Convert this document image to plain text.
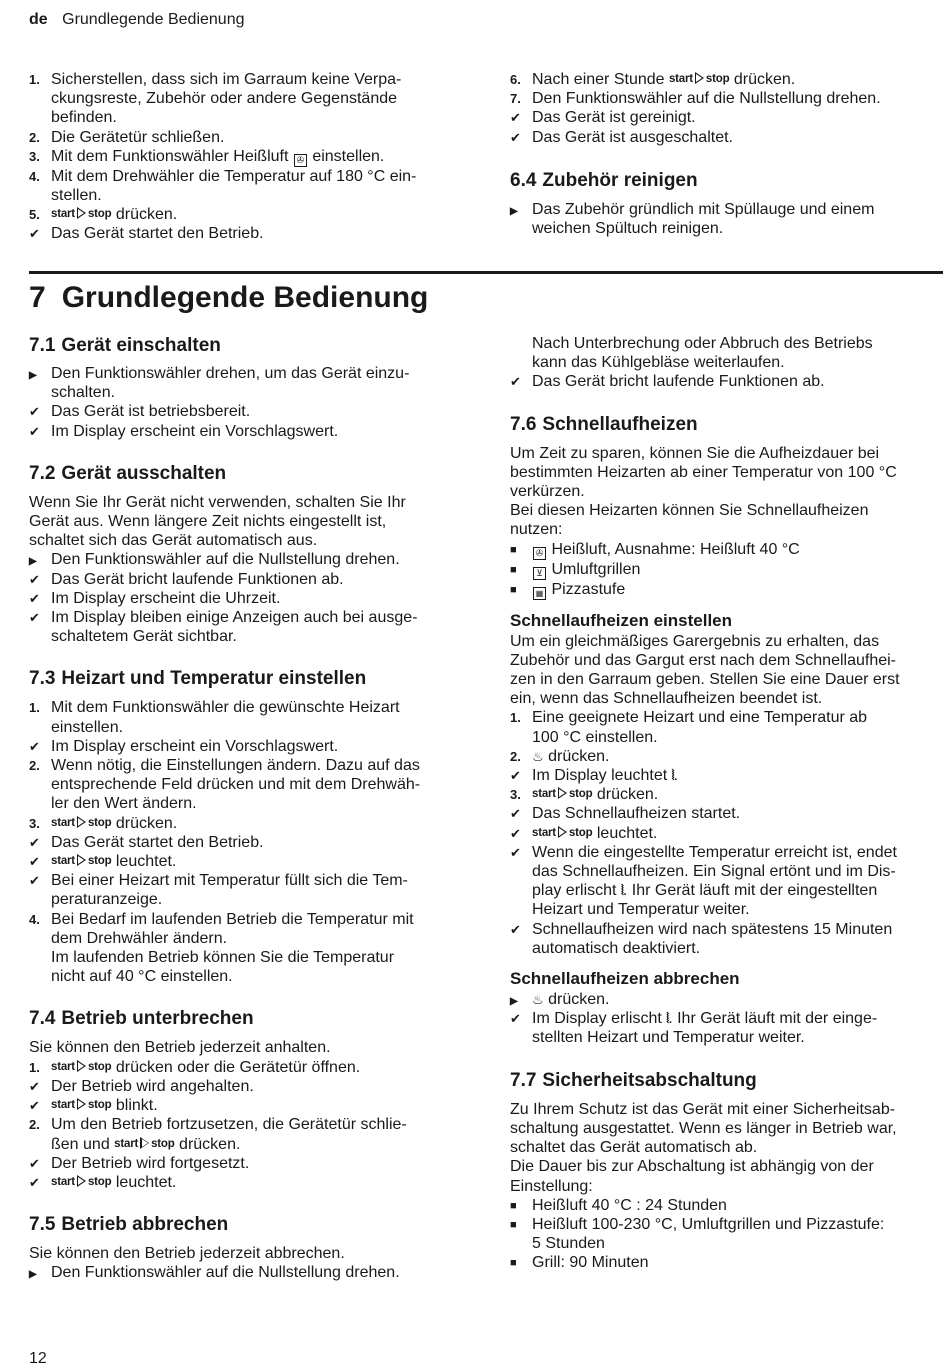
de Grundlegende Bedienung
1. Sicherstellen, dass sich im Garraum keine Verpa-
ckungsreste, Zubehör oder andere Gegenstände
befinden.
2. Die Gerätetür schließen.
3. Mit dem Funktionswähler Heißluft ✇ einstellen.
4. Mit dem Drehwähler die Temperatur auf 180 °C ein-
stellen.
5. start stop drücken.
✔ Das Gerät startet den Betrieb.
6. Nach einer Stunde start stop drücken.
7. Den Funktionswähler auf die Nullstellung drehen.
✔ Das Gerät ist gereinigt.
✔ Das Gerät ist ausgeschaltet.
6.4 Zubehör reinigen
▶ Das Zubehör gründlich mit Spüllauge und einem
weichen Spültuch reinigen.
7 Grundlegende Bedienung
7.1 Gerät einschalten
▶ Den Funktionswähler drehen, um das Gerät einzu-
schalten.
✔ Das Gerät ist betriebsbereit.
✔ Im Display erscheint ein Vorschlagswert.
7.2 Gerät ausschalten
Wenn Sie Ihr Gerät nicht verwenden, schalten Sie Ihr
Gerät aus. Wenn längere Zeit nichts eingestellt ist,
schaltet sich das Gerät automatisch aus.
▶ Den Funktionswähler auf die Nullstellung drehen.
✔ Das Gerät bricht laufende Funktionen ab.
✔ Im Display erscheint die Uhrzeit.
✔ Im Display bleiben einige Anzeigen auch bei ausge-
schaltetem Gerät sichtbar.
7.3 Heizart und Temperatur einstellen
1. Mit dem Funktionswähler die gewünschte Heizart
einstellen.
✔ Im Display erscheint ein Vorschlagswert.
2. Wenn nötig, die Einstellungen ändern. Dazu auf das
entsprechende Feld drücken und mit dem Drehwäh-
ler den Wert ändern.
3. start stop drücken.
✔ Das Gerät startet den Betrieb.
✔ start stop leuchtet.
✔ Bei einer Heizart mit Temperatur füllt sich die Tem-
peraturanzeige.
4. Bei Bedarf im laufenden Betrieb die Temperatur mit
dem Drehwähler ändern.
Im laufenden Betrieb können Sie die Temperatur
nicht auf 40 °C einstellen.
7.4 Betrieb unterbrechen
Sie können den Betrieb jederzeit anhalten.
1. start stop drücken oder die Gerätetür öffnen.
✔ Der Betrieb wird angehalten.
✔ start stop blinkt.
2. Um den Betrieb fortzusetzen, die Gerätetür schlie-
ßen und start stop drücken.
✔ Der Betrieb wird fortgesetzt.
✔ start stop leuchtet.
7.5 Betrieb abbrechen
Sie können den Betrieb jederzeit abbrechen.
▶ Den Funktionswähler auf die Nullstellung drehen.
Nach Unterbrechung oder Abbruch des Betriebs
kann das Kühlgebläse weiterlaufen.
✔ Das Gerät bricht laufende Funktionen ab.
7.6 Schnellaufheizen
Um Zeit zu sparen, können Sie die Aufheizdauer bei
bestimmten Heizarten ab einer Temperatur von 100 °C
verkürzen.
Bei diesen Heizarten können Sie Schnellaufheizen
nutzen:
■ ✇	Heißluft, Ausnahme: Heißluft 40 °C
■ ⊻	Umluftgrillen
■ ▦	Pizzastufe
Schnellaufheizen einstellen
Um ein gleichmäßiges Garergebnis zu erhalten, das
Zubehör und das Gargut erst nach dem Schnellaufhei-
zen in den Garraum geben. Stellen Sie eine Dauer erst
ein, wenn das Schnellaufheizen beendet ist.
1. Eine geeignete Heizart und eine Temperatur ab
100 °C einstellen.
2. ♨ drücken.
✔ Im Display leuchtet ⦚.
3. start stop drücken.
✔ Das Schnellaufheizen startet.
✔ start stop leuchtet.
✔ Wenn die eingestellte Temperatur erreicht ist, endet
das Schnellaufheizen. Ein Signal ertönt und im Dis-
play erlischt ⦚. Ihr Gerät läuft mit der eingestellten
Heizart und Temperatur weiter.
✔ Schnellaufheizen wird nach spätestens 15 Minuten
automatisch deaktiviert.
Schnellaufheizen abbrechen
▶	♨ drücken.
✔ Im Display erlischt ⦚. Ihr Gerät läuft mit der einge-
stellten Heizart und Temperatur weiter.
7.7 Sicherheitsabschaltung
Zu Ihrem Schutz ist das Gerät mit einer Sicherheitsab-
schaltung ausgestattet. Wenn es länger in Betrieb war,
schaltet das Gerät automatisch ab.
Die Dauer bis zur Abschaltung ist abhängig von der
Einstellung:
■ Heißluft 40 °C : 24 Stunden
■ Heißluft 100-230 °C, Umluftgrillen und Pizzastufe:
5 Stunden
■ Grill: 90 Minuten
12
